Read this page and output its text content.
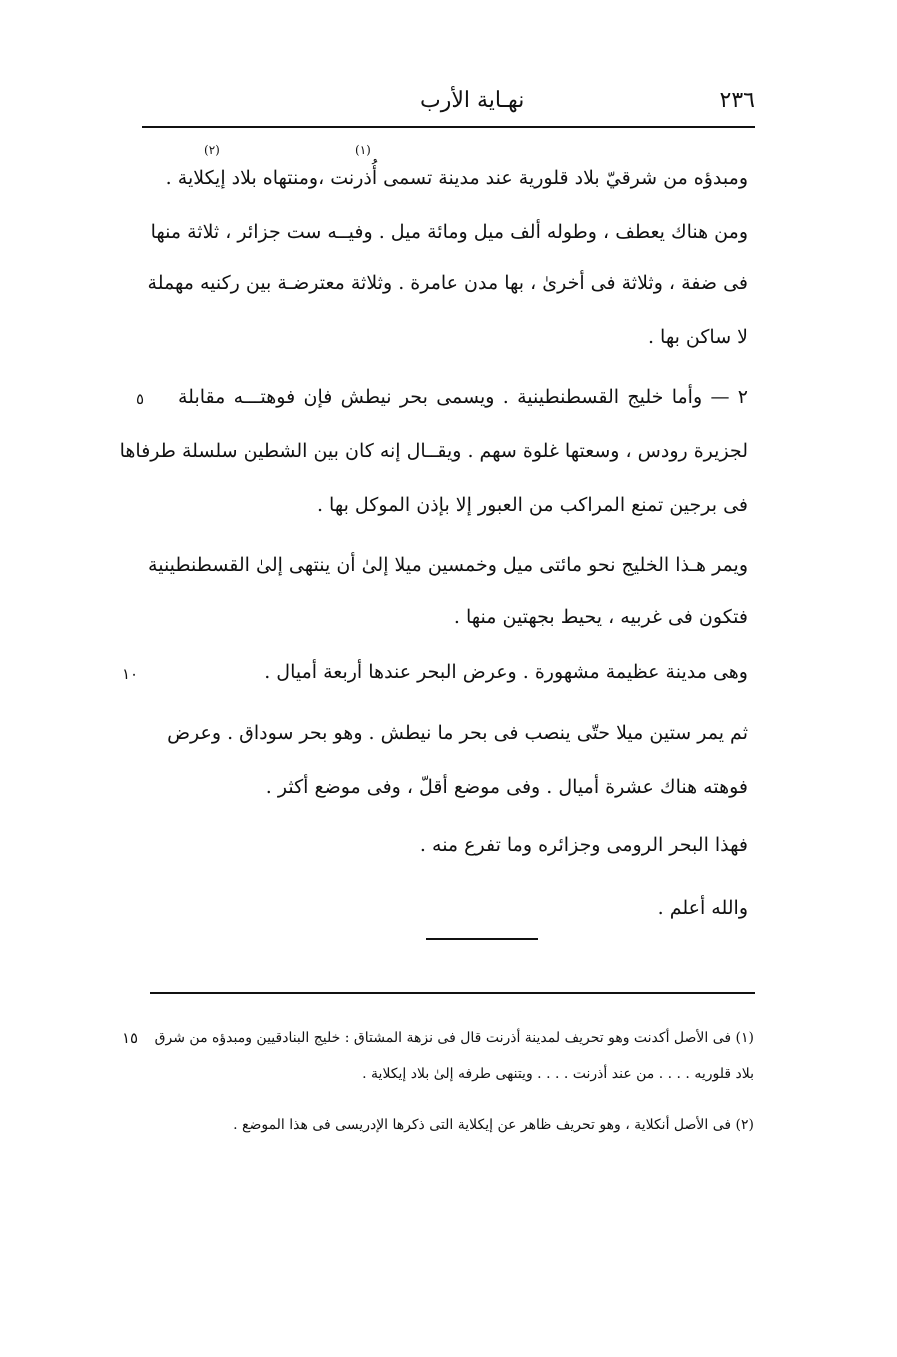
٢٣٦
نهـاية الأرب
(١)
(٢)
ومبدؤه من شرقيّ بلاد قلورية عند مدينة تسمى أُذرنت ،ومنتهاه بلاد إيكلاية .
ومن هناك يعطف ، وطوله ألف ميل ومائة ميل . وفيــه ست جزائر ، ثلاثة منها
فى ضفة ، وثلاثة فى أخرىٰ ، بها مدن عامرة . وثلاثة معترضـة بين ركنيه مهملة
لا ساكن بها .
٢ — وأما خليج القسطنطينية . ويسمى بحر نيطش فإن فوهتـــه مقابلة
٥
لجزيرة رودس ، وسعتها غلوة سهم . ويقــال إنه كان بين الشطين سلسلة طرفاها
فى برجين تمنع المراكب من العبور إلا بإذن الموكل بها .
ويمر هـذا الخليج نحو مائتى ميل وخمسين ميلا إلىٰ أن ينتهى إلىٰ القسطنطينية
فتكون فى غربيه ، يحيط بجهتين منها .
وهى مدينة عظيمة مشهورة . وعرض البحر عندها أربعة أميال .
١٠
ثم يمر ستين ميلا حتّى ينصب فى بحر ما نيطش . وهو بحر سوداق . وعرض
فوهته هناك عشرة أميال . وفى موضع أقلّ ، وفى موضع أكثر .
فهذا البحر الرومى وجزائره وما تفرع منه .
والله أعلم .
(١) فى الأصل أكدنت وهو تحريف لمدينة أذرنت قال فى نزهة المشتاق : خليج البنادقيين ومبدؤه من شرق
١٥
بلاد قلوريه . . . . من عند أذرنت . . . . ويتنهى طرفه إلىٰ بلاد إيكلاية .
(٢) فى الأصل أنكلاية ، وهو تحريف ظاهر عن إيكلاية التى ذكرها الإدريسى فى هذا الموضع .
